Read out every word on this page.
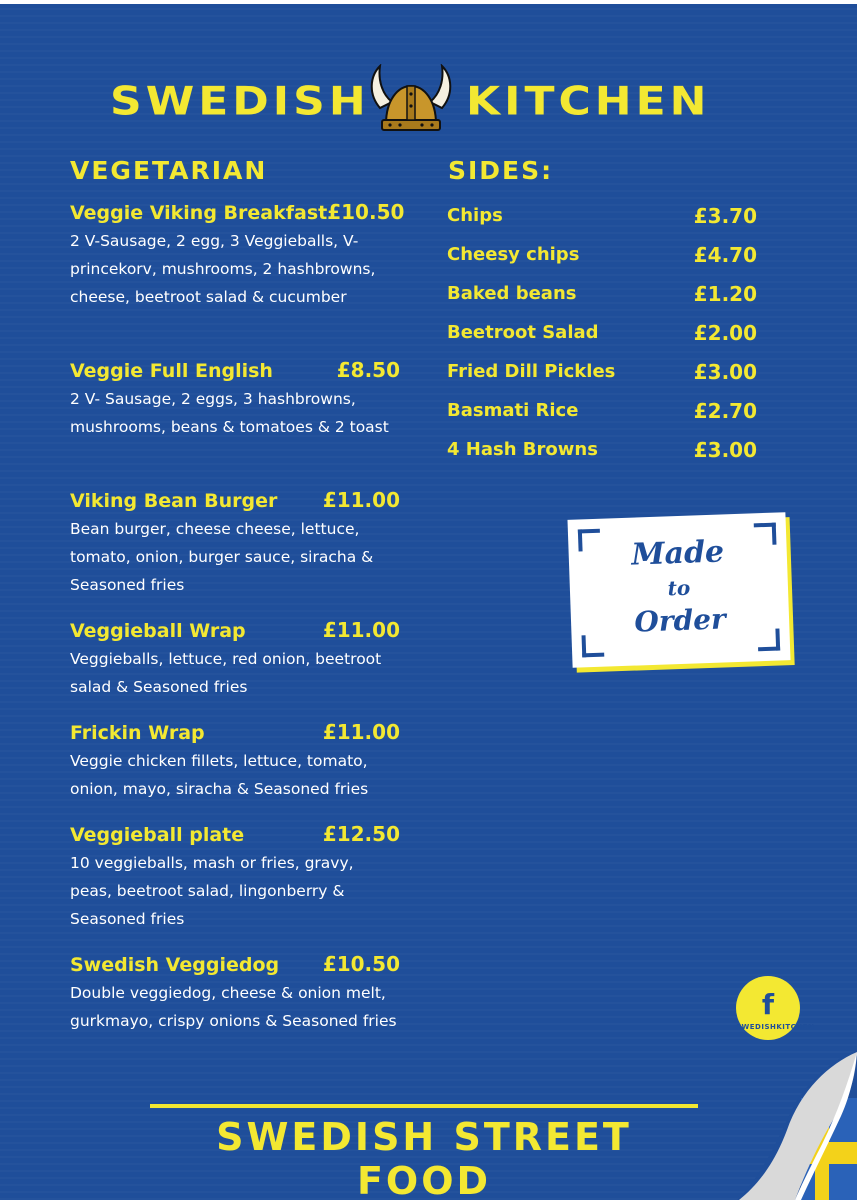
SWEDISH KITCHEN
VEGETARIAN	SIDES:
Veggie Viking Breakfast £10.50
2 V-Sausage, 2 egg, 3 Veggieballs, V-princekorv, mushrooms, 2 hashbrowns, cheese, beetroot salad & cucumber
Veggie Full English	£8.50
2 V- Sausage, 2 eggs, 3 hashbrowns, mushrooms, beans & tomatoes & 2 toast
Viking Bean Burger £11.00
Bean burger, cheese cheese, lettuce, tomato, onion, burger sauce, siracha & Seasoned fries
Veggieball Wrap	£11.00
Veggieballs, lettuce, red onion, beetroot salad & Seasoned fries
Frickin Wrap	£11.00
Veggie chicken fillets, lettuce, tomato, onion, mayo, siracha & Seasoned fries
Veggieball plate	£12.50
10 veggieballs, mash or fries, gravy, peas, beetroot salad, lingonberry & Seasoned fries
Swedish Veggiedog £10.50
Double veggiedog, cheese & onion melt, gurkmayo, crispy onions & Seasoned fries
Chips	£3.70
Cheesy chips	£4.70
Baked beans	£1.20
Beetroot Salad	£2.00
Fried Dill Pickles	£3.00
Basmati Rice	£2.70
4 Hash Browns	£3.00
Made
to
Order
f
SWEDISHKITCHEN
SWEDISH STREET FOOD
